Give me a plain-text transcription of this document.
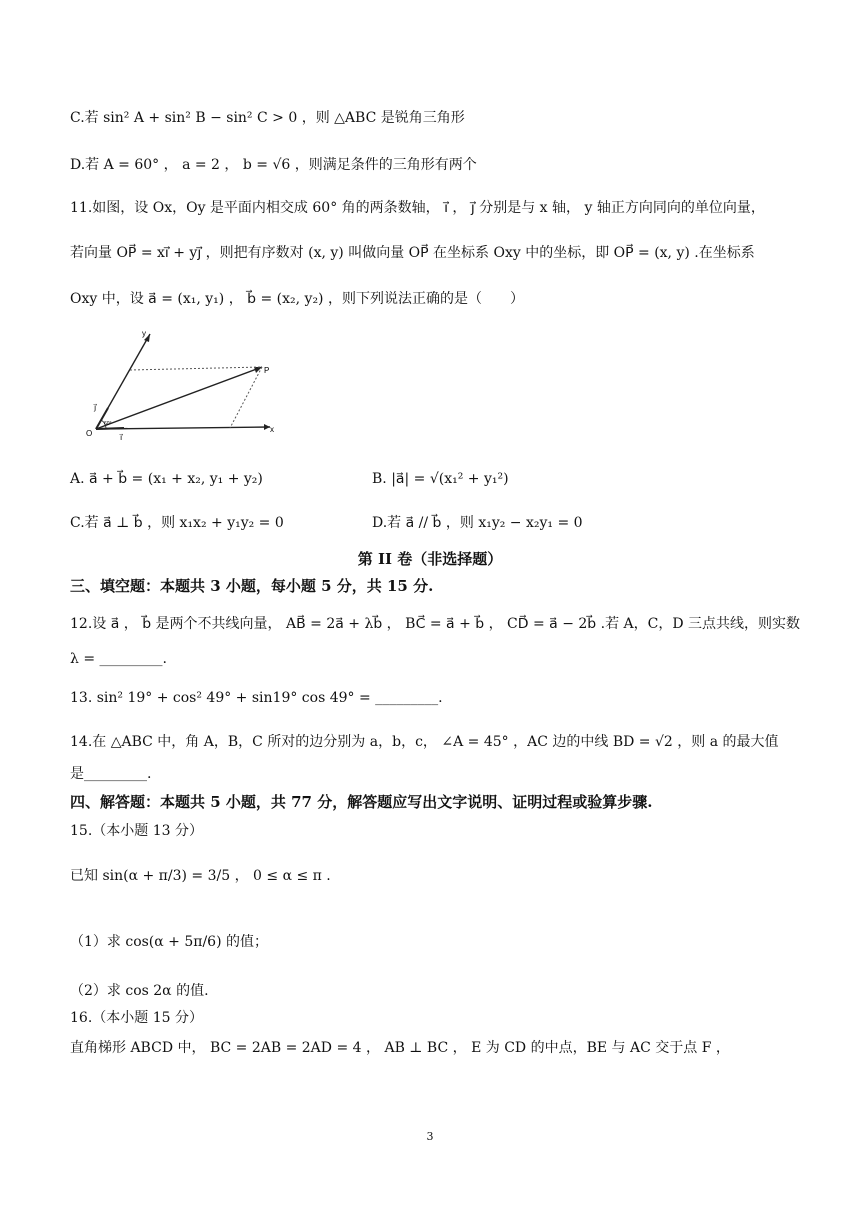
C.若 sin² A + sin² B − sin² C > 0 ，则 △ABC 是锐角三角形
D.若 A = 60° ， a = 2 ， b = √6 ，则满足条件的三角形有两个
11.如图，设 Ox，Oy 是平面内相交成 60° 角的两条数轴， i⃗ ， j⃗ 分别是与 x 轴， y 轴正方向同向的单位向量，
若向量 OP⃗ = xi⃗ + yj⃗ ，则把有序数对 (x, y) 叫做向量 OP⃗ 在坐标系 Oxy 中的坐标，即 OP⃗ = (x, y) .在坐标系
Oxy 中，设 a⃗ = (x₁, y₁) ， b⃗ = (x₂, y₂) ，则下列说法正确的是（　　）
O	x
y
P
i⃗
j⃗
60°
A. a⃗ + b⃗ = (x₁ + x₂, y₁ + y₂)	B. |a⃗| = √(x₁² + y₁²)
C.若 a⃗ ⊥ b⃗ ，则 x₁x₂ + y₁y₂ = 0	D.若 a⃗ // b⃗ ，则 x₁y₂ − x₂y₁ = 0
第 II 卷（非选择题）
三、填空题：本题共 3 小题，每小题 5 分，共 15 分.
12.设 a⃗ ， b⃗ 是两个不共线向量， AB⃗ = 2a⃗ + λb⃗ ， BC⃗ = a⃗ + b⃗ ， CD⃗ = a⃗ − 2b⃗ .若 A，C，D 三点共线，则实数
λ = _________.
13. sin² 19° + cos² 49° + sin19° cos 49° = _________.
14.在 △ABC 中，角 A，B，C 所对的边分别为 a，b，c， ∠A = 45° ，AC 边的中线 BD = √2 ，则 a 的最大值
是_________.
四、解答题：本题共 5 小题，共 77 分，解答题应写出文字说明、证明过程或验算步骤.
15.（本小题 13 分）
已知 sin(α + π/3) = 3/5 ， 0 ≤ α ≤ π .
（1）求 cos(α + 5π/6) 的值；
（2）求 cos 2α 的值.
16.（本小题 15 分）
直角梯形 ABCD 中， BC = 2AB = 2AD = 4 ， AB ⊥ BC ， E 为 CD 的中点，BE 与 AC 交于点 F ，
3
